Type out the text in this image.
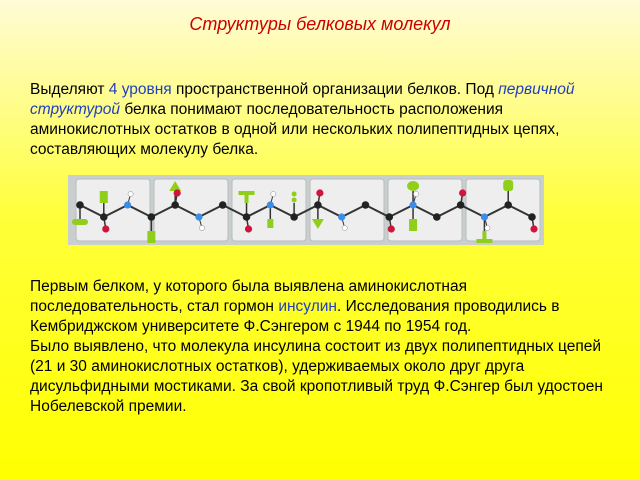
Структуры белковых молекул
Выделяют 4 уровня пространственной организации белков. Под первичной структурой белка понимают последовательность расположения аминокислотных остатков в одной или нескольких полипептидных цепях, составляющих молекулу белка.
Первым белком, у которого была выявлена аминокислотная последовательность, стал гормон инсулин. Исследования проводились в Кембриджском университете Ф.Сэнгером с 1944 по 1954 год.
Было выявлено, что молекула инсулина состоит из двух полипептидных цепей (21 и 30 аминокислотных остатков), удерживаемых около друг друга дисульфидными мостиками. За свой кропотливый труд Ф.Сэнгер был удостоен Нобелевской премии.
